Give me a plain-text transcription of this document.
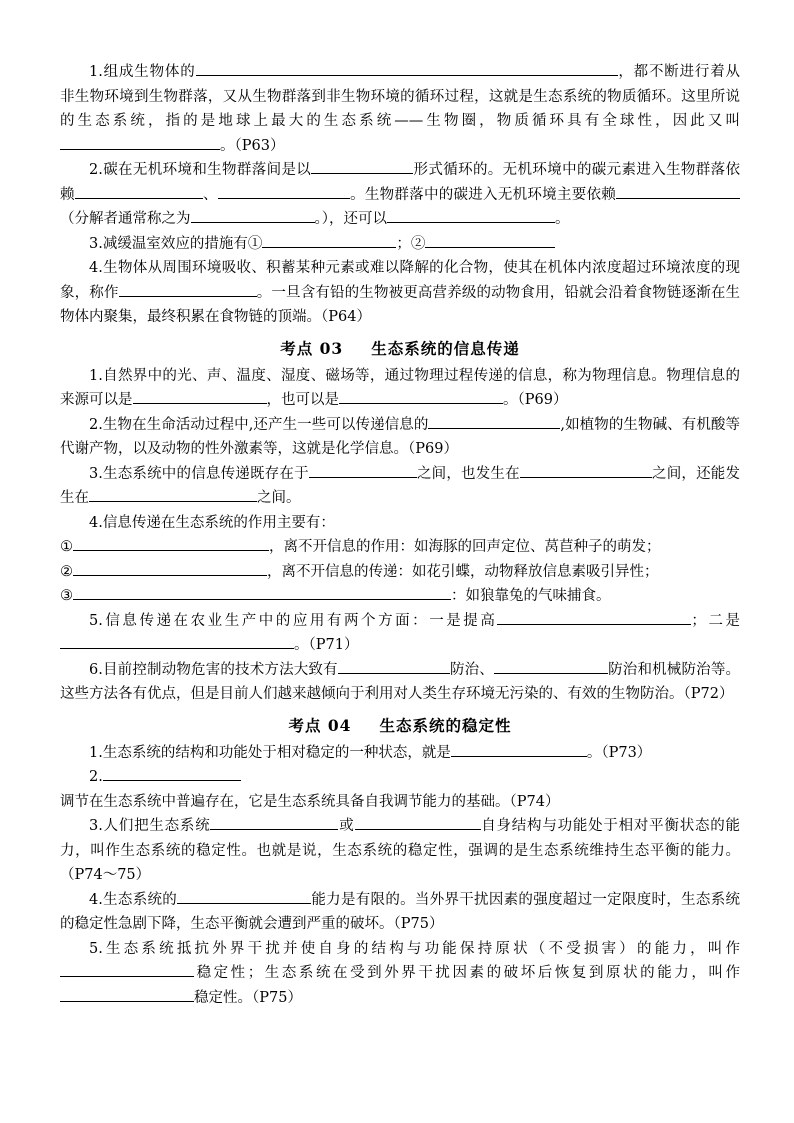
1.组成生物体的	，都不断进行着从非生物环境到生物群落，又从生物群落到非生物环境的循环过程，这就是生态系统的物质循环。这里所说的生态系统，指的是地球上最大的生态系统——生物圈，物质循环具有全球性，因此又叫。（P63）

2.碳在无机环境和生物群落间是以	形式循环的。无机环境中的碳元素进入生物群落依赖	、	。生物群落中的碳进入无机环境主要依赖（分解者通常称之为	。），还可以	。

3.减缓温室效应的措施有①	；②

4.生物体从周围环境吸收、积蓄某种元素或难以降解的化合物，使其在机体内浓度超过环境浓度的现象，称作	。一旦含有铅的生物被更高营养级的动物食用，铅就会沿着食物链逐渐在生物体内聚集，最终积累在食物链的顶端。（P64）

考点 03 生态系统的信息传递

1.自然界中的光、声、温度、湿度、磁场等，通过物理过程传递的信息，称为物理信息。物理信息的来源可以是	，也可以是	。（P69）

2.生物在生命活动过程中,还产生一些可以传递信息的	,如植物的生物碱、有机酸等代谢产物，以及动物的性外激素等，这就是化学信息。（P69）

3.生态系统中的信息传递既存在于	之间，也发生在	之间，还能发生在	之间。

4.信息传递在生态系统的作用主要有：

①	，离不开信息的作用：如海豚的回声定位、莴苣种子的萌发；

②	，离不开信息的传递：如花引蝶，动物释放信息素吸引异性；

③	：如狼靠兔的气味捕食。

5.信息传递在农业生产中的应用有两个方面：一是提高	；二是。（P71）

6.目前控制动物危害的技术方法大致有	防治、	防治和机械防治等。这些方法各有优点，但是目前人们越来越倾向于利用对人类生存环境无污染的、有效的生物防治。（P72）

考点 04 生态系统的稳定性

1.生态系统的结构和功能处于相对稳定的一种状态，就是	。（P73）

2.调节在生态系统中普遍存在，它是生态系统具备自我调节能力的基础。（P74）

3.人们把生态系统	或	自身结构与功能处于相对平衡状态的能力，叫作生态系统的稳定性。也就是说，生态系统的稳定性，强调的是生态系统维持生态平衡的能力。（P74～75）

4.生态系统的	能力是有限的。当外界干扰因素的强度超过一定限度时，生态系统的稳定性急剧下降，生态平衡就会遭到严重的破坏。（P75）

5.生态系统抵抗外界干扰并使自身的结构与功能保持原状（不受损害）的能力，叫作稳定性；生态系统在受到外界干扰因素的破坏后恢复到原状的能力，叫作稳定性。（P75）
